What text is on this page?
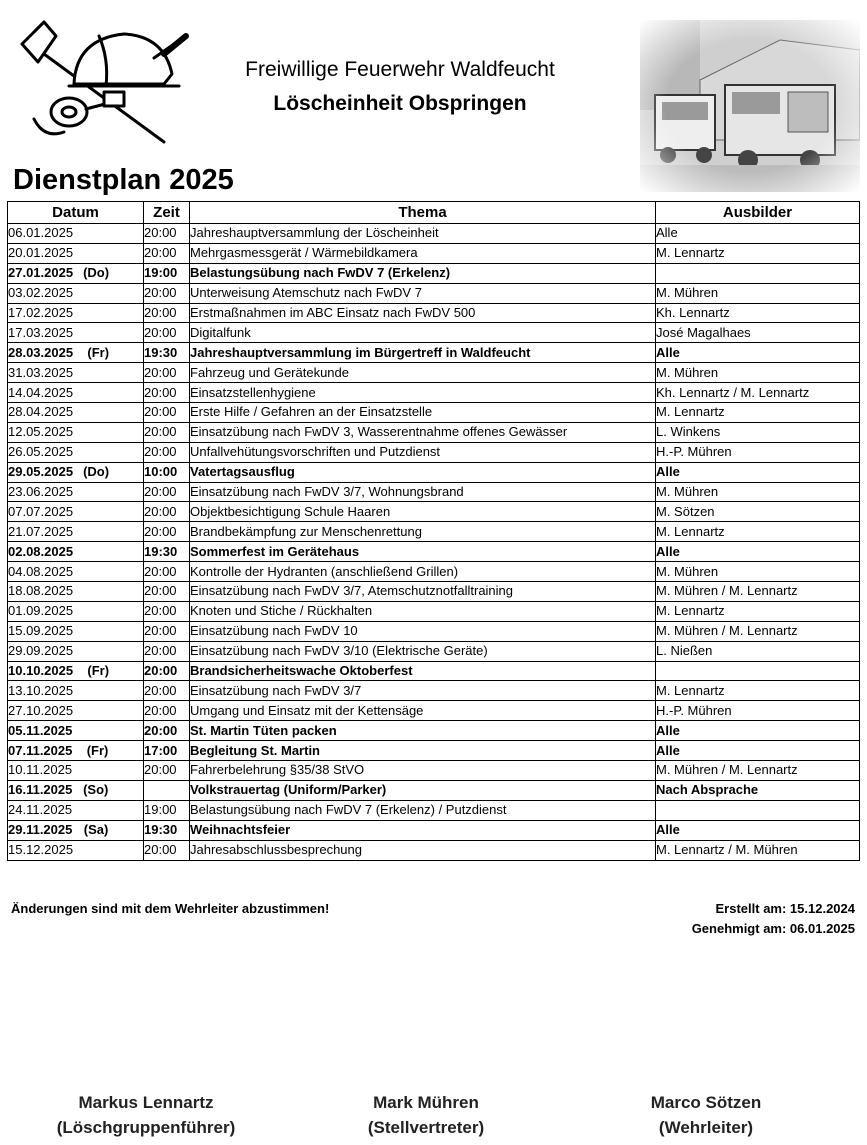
Freiwillige Feuerwehr Waldfeucht
Löscheinheit Obspringen
Dienstplan 2025
Datum	Zeit	Thema	Ausbilder
06.01.2025	20:00	Jahreshauptversammlung der Löscheinheit	Alle
20.01.2025	20:00	Mehrgasmessgerät / Wärmebildkamera	M. Lennartz
27.01.2025 (Do)	19:00	Belastungsübung nach FwDV 7 (Erkelenz)	
03.02.2025	20:00	Unterweisung Atemschutz nach FwDV 7	M. Mühren
17.02.2025	20:00	Erstmaßnahmen im ABC Einsatz nach FwDV 500	Kh. Lennartz
17.03.2025	20:00	Digitalfunk	José Magalhaes
28.03.2025 (Fr)	19:30	Jahreshauptversammlung im Bürgertreff in Waldfeucht	Alle
31.03.2025	20:00	Fahrzeug und Gerätekunde	M. Mühren
14.04.2025	20:00	Einsatzstellenhygiene	Kh. Lennartz / M. Lennartz
28.04.2025	20:00	Erste Hilfe / Gefahren an der Einsatzstelle	M. Lennartz
12.05.2025	20:00	Einsatzübung nach FwDV 3, Wasserentnahme offenes Gewässer	L. Winkens
26.05.2025	20:00	Unfallvehütungsvorschriften und Putzdienst	H.-P. Mühren
29.05.2025 (Do)	10:00	Vatertagsausflug	Alle
23.06.2025	20:00	Einsatzübung nach FwDV 3/7, Wohnungsbrand	M. Mühren
07.07.2025	20:00	Objektbesichtigung Schule Haaren	M. Sötzen
21.07.2025	20:00	Brandbekämpfung zur Menschenrettung	M. Lennartz
02.08.2025	19:30	Sommerfest im Gerätehaus	Alle
04.08.2025	20:00	Kontrolle der Hydranten (anschließend Grillen)	M. Mühren
18.08.2025	20:00	Einsatzübung nach FwDV 3/7, Atemschutznotfalltraining	M. Mühren / M. Lennartz
01.09.2025	20:00	Knoten und Stiche / Rückhalten	M. Lennartz
15.09.2025	20:00	Einsatzübung nach FwDV 10	M. Mühren / M. Lennartz
29.09.2025	20:00	Einsatzübung nach FwDV 3/10 (Elektrische Geräte)	L. Nießen
10.10.2025 (Fr)	20:00	Brandsicherheitswache Oktoberfest	
13.10.2025	20:00	Einsatzübung nach FwDV 3/7	M. Lennartz
27.10.2025	20:00	Umgang und Einsatz mit der Kettensäge	H.-P. Mühren
05.11.2025	20:00	St. Martin Tüten packen	Alle
07.11.2025 (Fr)	17:00	Begleitung St. Martin	Alle
10.11.2025	20:00	Fahrerbelehrung §35/38 StVO	M. Mühren / M. Lennartz
16.11.2025 (So)		Volkstrauertag (Uniform/Parker)	Nach Absprache
24.11.2025	19:00	Belastungsübung nach FwDV 7 (Erkelenz) / Putzdienst	
29.11.2025 (Sa)	19:30	Weihnachtsfeier	Alle
15.12.2025	20:00	Jahresabschlussbesprechung	M. Lennartz / M. Mühren
Änderungen sind mit dem Wehrleiter abzustimmen!	Erstellt am: 15.12.2024
Genehmigt am: 06.01.2025
Markus Lennartz
(Löschgruppenführer)
Mark Mühren
(Stellvertreter)
Marco Sötzen
(Wehrleiter)
